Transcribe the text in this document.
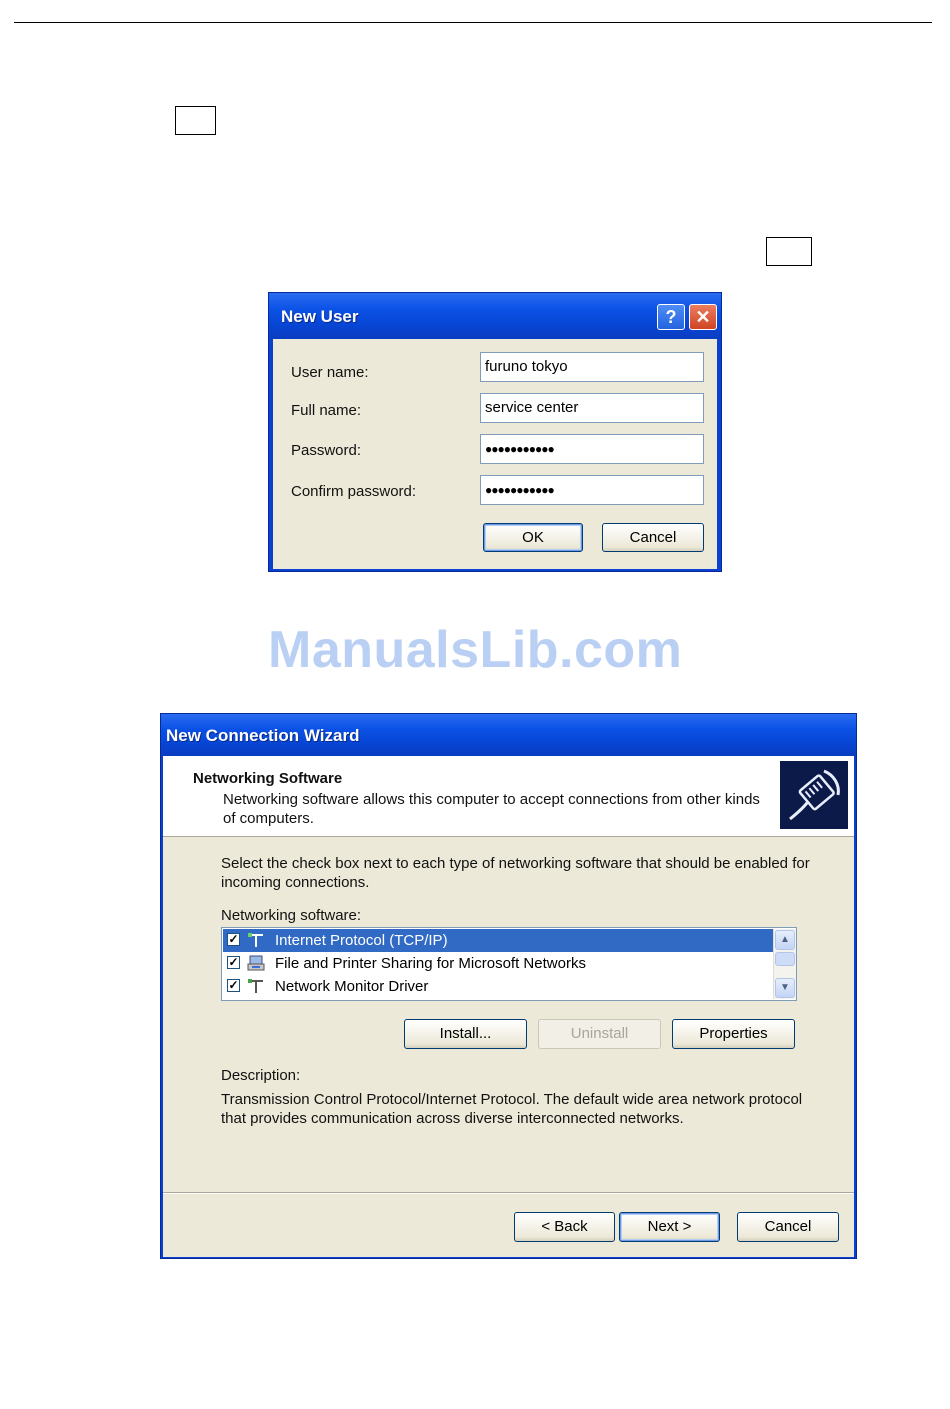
New User	?	✕
User name:	furuno tokyo
Full name:	service center
Password:	●●●●●●●●●●●
Confirm password:	●●●●●●●●●●●
OK	Cancel
ManualsLib.com
New Connection Wizard
Networking Software
Networking software allows this computer to accept connections from other kinds of computers.
Select the check box next to each type of networking software that should be enabled for incoming connections.
Networking software:
✓ Internet Protocol (TCP/IP)
✓ File and Printer Sharing for Microsoft Networks
✓ Network Monitor Driver
▲
▼
Install...	Uninstall	Properties
Description:
Transmission Control Protocol/Internet Protocol. The default wide area network protocol that provides communication across diverse interconnected networks.
< Back	Next >	Cancel
